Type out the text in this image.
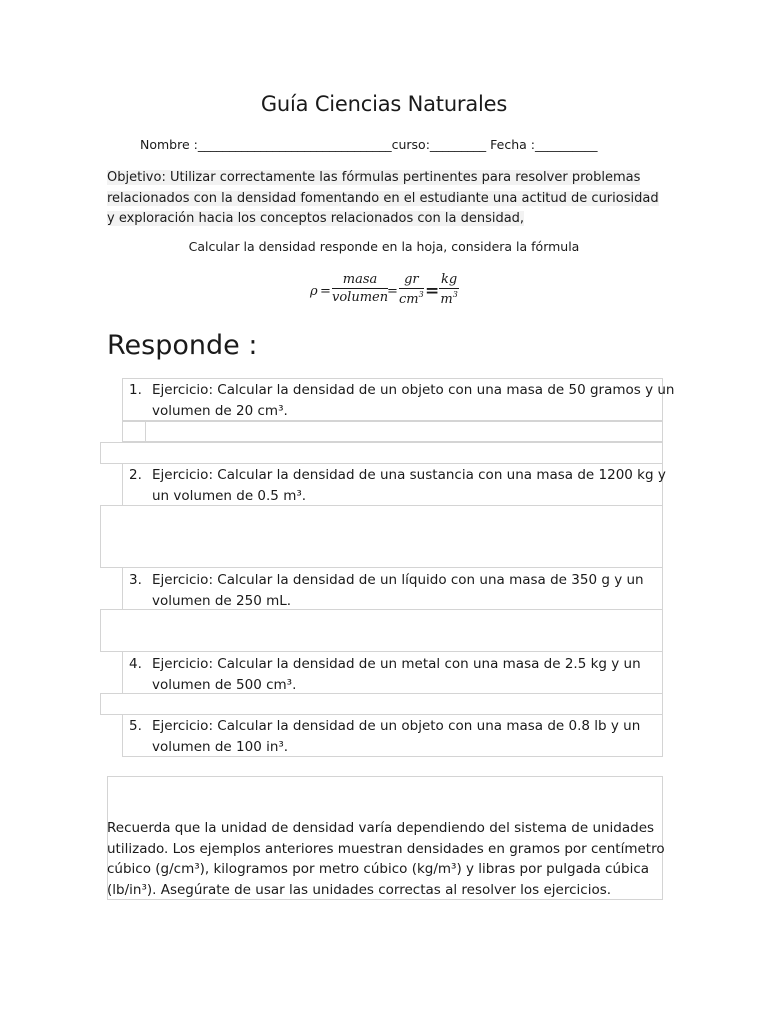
Guía Ciencias Naturales
Nombre :_______________________________curso:_________ Fecha :__________
Objetivo: Utilizar correctamente las fórmulas pertinentes para resolver problemas relacionados con la densidad fomentando en el estudiante una actitud de curiosidad y exploración hacia los conceptos relacionados con la densidad,
Calcular la densidad responde en la hoja, considera la fórmula
ρ =
masa
volumen
= $\frac{gr}{cm^3} = \frac{kg}{m^3}$
Responde :
1. Ejercicio: Calcular la densidad de un objeto con una masa de 50 gramos y un
volumen de 20 cm³.
2. Ejercicio: Calcular la densidad de una sustancia con una masa de 1200 kg y
un volumen de 0.5 m³.
3. Ejercicio: Calcular la densidad de un líquido con una masa de 350 g y un
volumen de 250 mL.
4. Ejercicio: Calcular la densidad de un metal con una masa de 2.5 kg y un
volumen de 500 cm³.
5. Ejercicio: Calcular la densidad de un objeto con una masa de 0.8 lb y un
volumen de 100 in³.
Recuerda que la unidad de densidad varía dependiendo del sistema de unidades utilizado. Los ejemplos anteriores muestran densidades en gramos por centímetro cúbico (g/cm³), kilogramos por metro cúbico (kg/m³) y libras por pulgada cúbica (lb/in³). Asegúrate de usar las unidades correctas al resolver los ejercicios.
